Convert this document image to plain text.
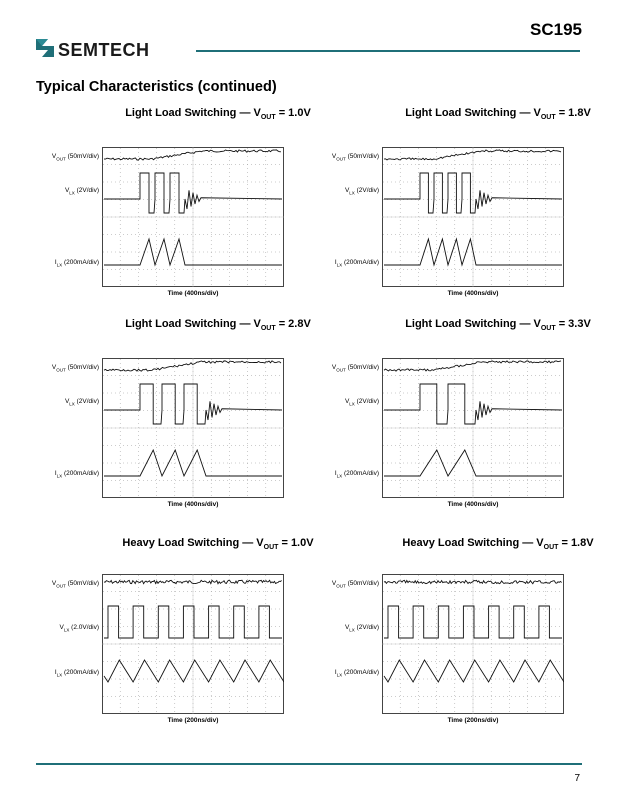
SEMTECH
SC195
Typical Characteristics (continued)
Light Load Switching — $V_{OUT} = 1.0V$
$V_{OUT}$ (50mV/div)
$V_{LX}$ (2V/div)
$I_{LX}$ (200mA/div)
Time (400ns/div)
Light Load Switching — $V_{OUT} = 1.8V$
$V_{OUT}$ (50mV/div)
$V_{LX}$ (2V/div)
$I_{LX}$ (200mA/div)
Time (400ns/div)
Light Load Switching — $V_{OUT} = 2.8V$
$V_{OUT}$ (50mV/div)
$V_{LX}$ (2V/div)
$I_{LX}$ (200mA/div)
Time (400ns/div)
Light Load Switching — $V_{OUT} = 3.3V$
$V_{OUT}$ (50mV/div)
$V_{LX}$ (2V/div)
$I_{LX}$ (200mA/div)
Time (400ns/div)
Heavy Load Switching — $V_{OUT} = 1.0V$
$V_{OUT}$ (50mV/div)
$V_{LX}$ (2.0V/div)
$I_{LX}$ (200mA/div)
Time (200ns/div)
Heavy Load Switching — $V_{OUT} = 1.8V$
$V_{OUT}$ (50mV/div)
$V_{LX}$ (2V/div)
$I_{LX}$ (200mA/div)
Time (200ns/div)
7
